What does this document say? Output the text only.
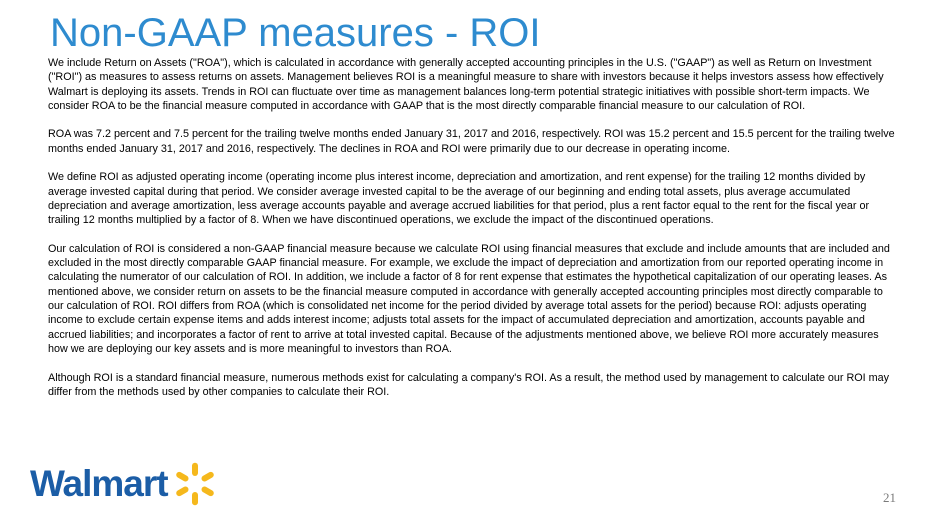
Non-GAAP measures - ROI

We include Return on Assets ("ROA"), which is calculated in accordance with generally accepted accounting principles in the U.S. ("GAAP") as well as Return on Investment ("ROI") as measures to assess returns on assets. Management believes ROI is a meaningful measure to share with investors because it helps investors assess how effectively Walmart is deploying its assets. Trends in ROI can fluctuate over time as management balances long-term potential strategic initiatives with possible short-term impacts. We consider ROA to be the financial measure computed in accordance with GAAP that is the most directly comparable financial measure to our calculation of ROI.

ROA was 7.2 percent and 7.5 percent for the trailing twelve months ended January 31, 2017 and 2016, respectively. ROI was 15.2 percent and 15.5 percent for the trailing twelve months ended January 31, 2017 and 2016, respectively. The declines in ROA and ROI were primarily due to our decrease in operating income.

We define ROI as adjusted operating income (operating income plus interest income, depreciation and amortization, and rent expense) for the trailing 12 months divided by average invested capital during that period. We consider average invested capital to be the average of our beginning and ending total assets, plus average accumulated depreciation and average amortization, less average accounts payable and average accrued liabilities for that period, plus a rent factor equal to the rent for the fiscal year or trailing 12 months multiplied by a factor of 8. When we have discontinued operations, we exclude the impact of the discontinued operations.

Our calculation of ROI is considered a non-GAAP financial measure because we calculate ROI using financial measures that exclude and include amounts that are included and excluded in the most directly comparable GAAP financial measure. For example, we exclude the impact of depreciation and amortization from our reported operating income in calculating the numerator of our calculation of ROI. In addition, we include a factor of 8 for rent expense that estimates the hypothetical capitalization of our operating leases. As mentioned above, we consider return on assets to be the financial measure computed in accordance with generally accepted accounting principles most directly comparable to our calculation of ROI. ROI differs from ROA (which is consolidated net income for the period divided by average total assets for the period) because ROI: adjusts operating income to exclude certain expense items and adds interest income; adjusts total assets for the impact of accumulated depreciation and amortization, accounts payable and accrued liabilities; and incorporates a factor of rent to arrive at total invested capital. Because of the adjustments mentioned above, we believe ROI more accurately measures how we are deploying our key assets and is more meaningful to investors than ROA.

Although ROI is a standard financial measure, numerous methods exist for calculating a company's ROI. As a result, the method used by management to calculate our ROI may differ from the methods used by other companies to calculate their ROI.

Walmart	21
